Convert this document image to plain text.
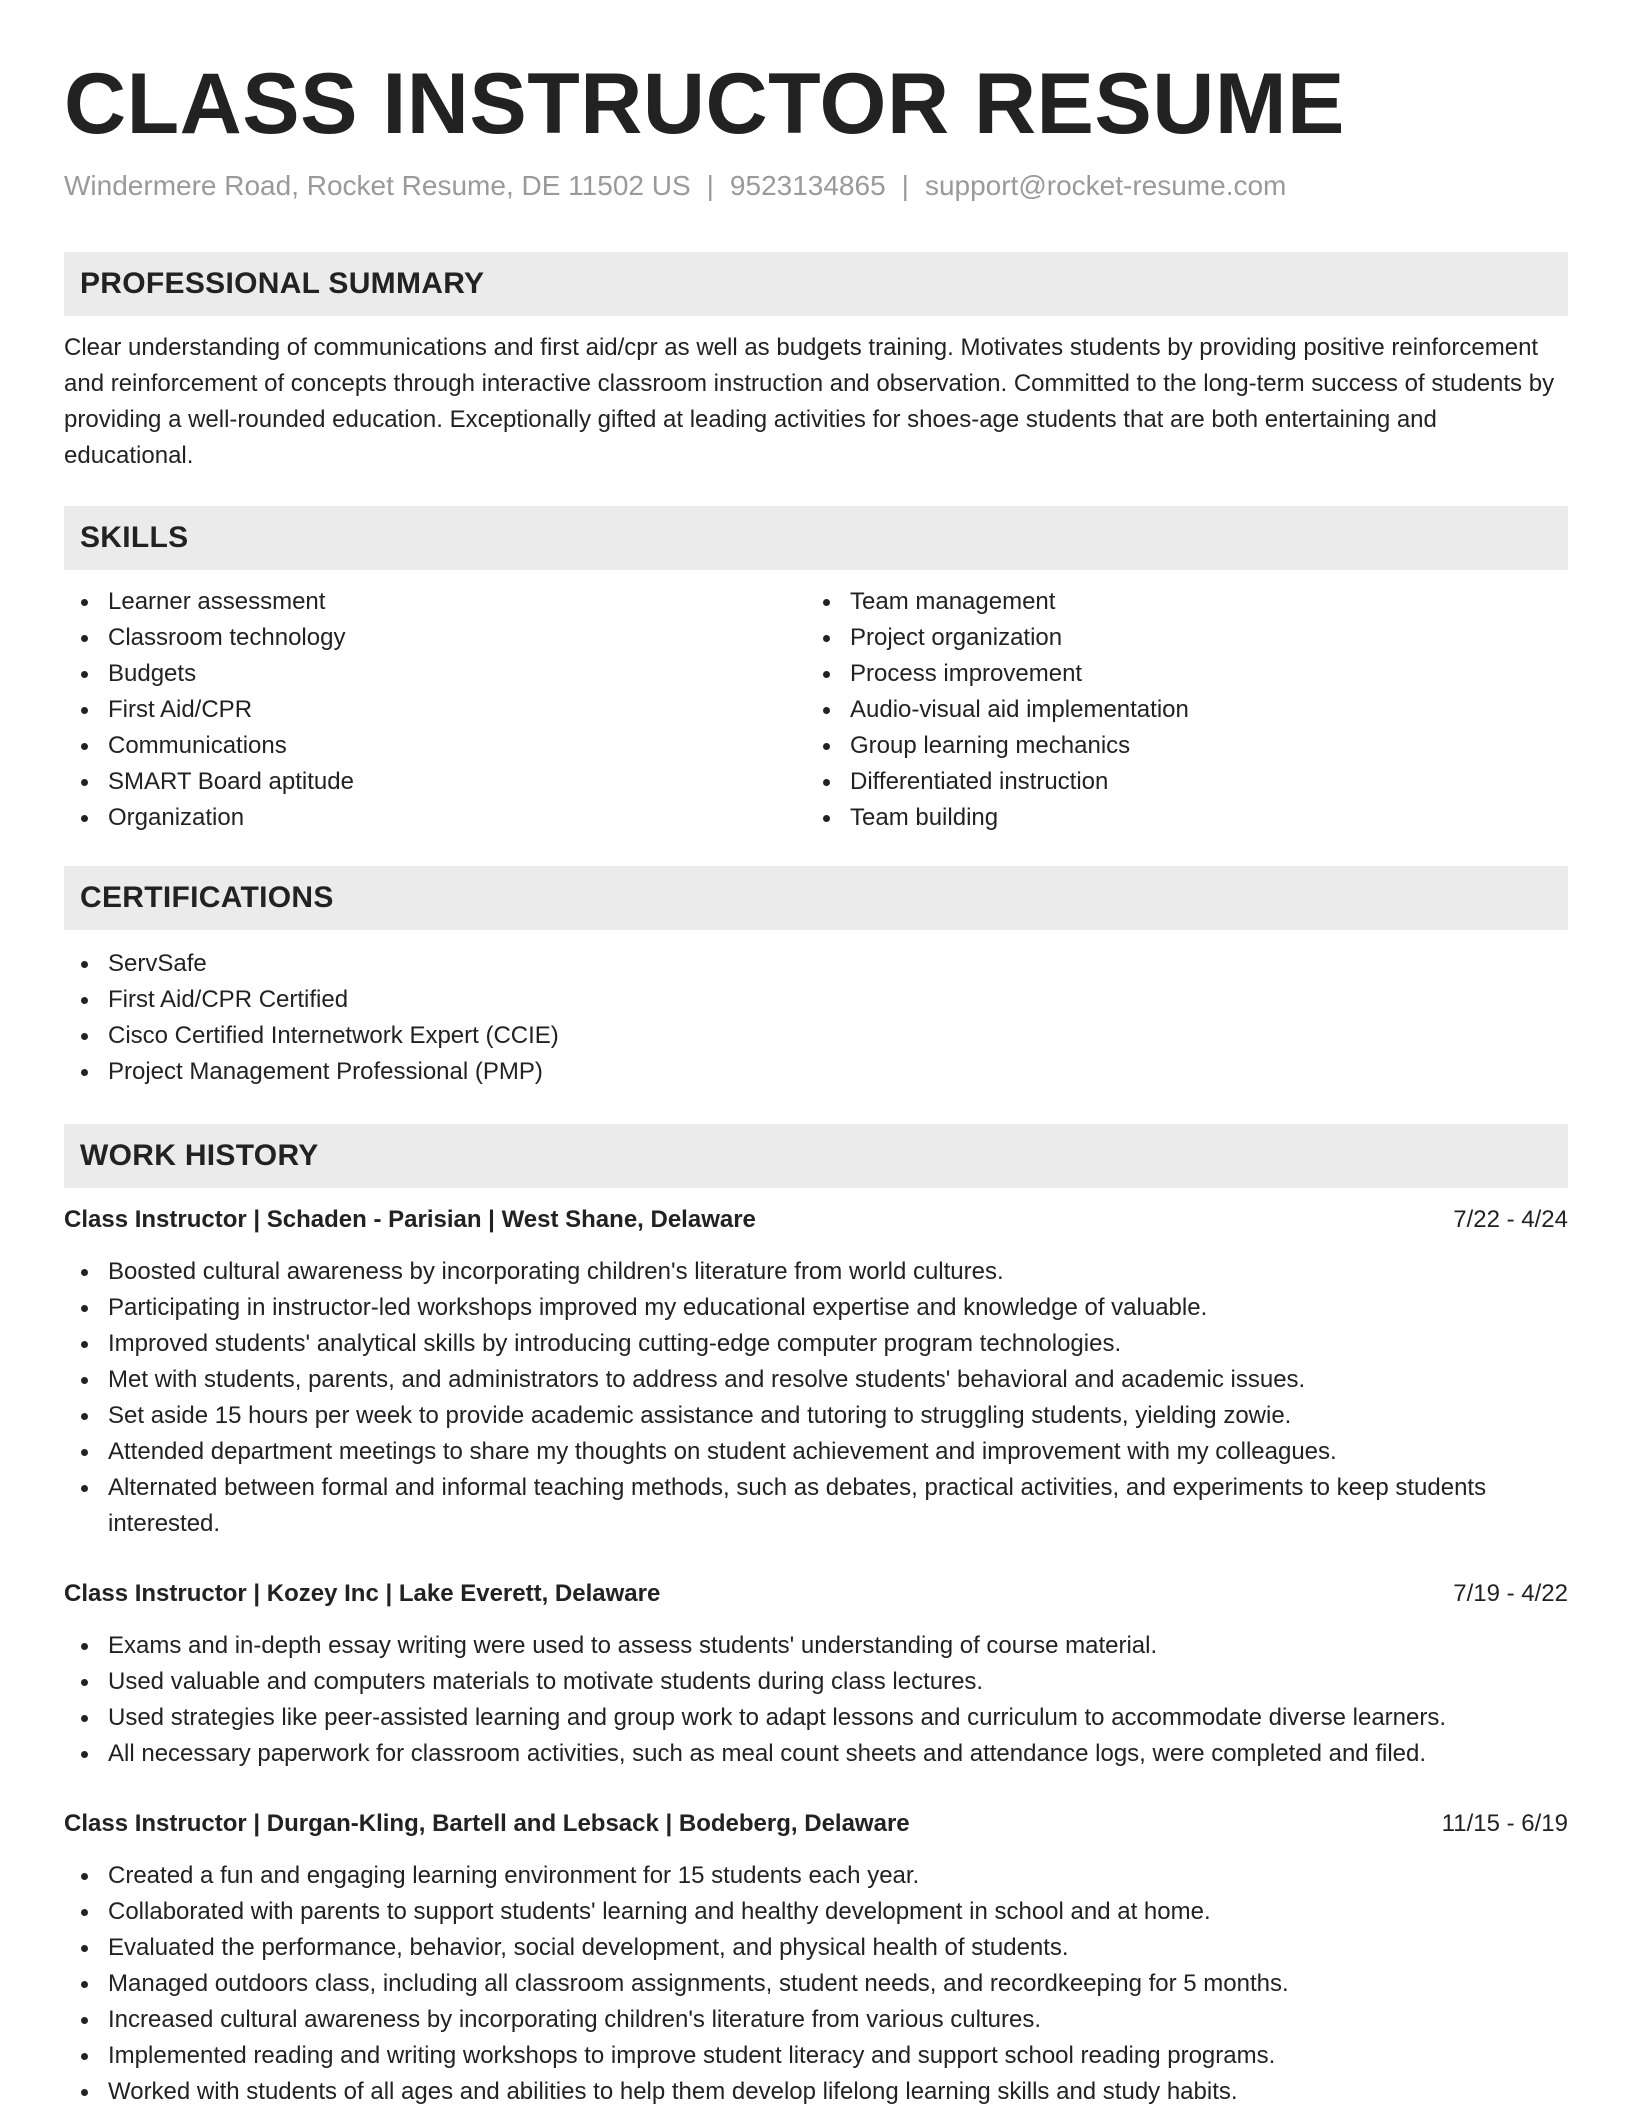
CLASS INSTRUCTOR RESUME
Windermere Road, Rocket Resume, DE 11502 US | 9523134865 | support@rocket-resume.com
PROFESSIONAL SUMMARY
Clear understanding of communications and first aid/cpr as well as budgets training. Motivates students by providing positive reinforcement and reinforcement of concepts through interactive classroom instruction and observation. Committed to the long-term success of students by providing a well-rounded education. Exceptionally gifted at leading activities for shoes-age students that are both entertaining and educational.
SKILLS
Learner assessment
Classroom technology
Budgets
First Aid/CPR
Communications
SMART Board aptitude
Organization
Team management
Project organization
Process improvement
Audio-visual aid implementation
Group learning mechanics
Differentiated instruction
Team building
CERTIFICATIONS
ServSafe
First Aid/CPR Certified
Cisco Certified Internetwork Expert (CCIE)
Project Management Professional (PMP)
WORK HISTORY
Class Instructor | Schaden - Parisian | West Shane, Delaware	7/22 - 4/24
Boosted cultural awareness by incorporating children's literature from world cultures.
Participating in instructor-led workshops improved my educational expertise and knowledge of valuable.
Improved students' analytical skills by introducing cutting-edge computer program technologies.
Met with students, parents, and administrators to address and resolve students' behavioral and academic issues.
Set aside 15 hours per week to provide academic assistance and tutoring to struggling students, yielding zowie.
Attended department meetings to share my thoughts on student achievement and improvement with my colleagues.
Alternated between formal and informal teaching methods, such as debates, practical activities, and experiments to keep students interested.
Class Instructor | Kozey Inc | Lake Everett, Delaware	7/19 - 4/22
Exams and in-depth essay writing were used to assess students' understanding of course material.
Used valuable and computers materials to motivate students during class lectures.
Used strategies like peer-assisted learning and group work to adapt lessons and curriculum to accommodate diverse learners.
All necessary paperwork for classroom activities, such as meal count sheets and attendance logs, were completed and filed.
Class Instructor | Durgan-Kling, Bartell and Lebsack | Bodeberg, Delaware	11/15 - 6/19
Created a fun and engaging learning environment for 15 students each year.
Collaborated with parents to support students' learning and healthy development in school and at home.
Evaluated the performance, behavior, social development, and physical health of students.
Managed outdoors class, including all classroom assignments, student needs, and recordkeeping for 5 months.
Increased cultural awareness by incorporating children's literature from various cultures.
Implemented reading and writing workshops to improve student literacy and support school reading programs.
Worked with students of all ages and abilities to help them develop lifelong learning skills and study habits.
